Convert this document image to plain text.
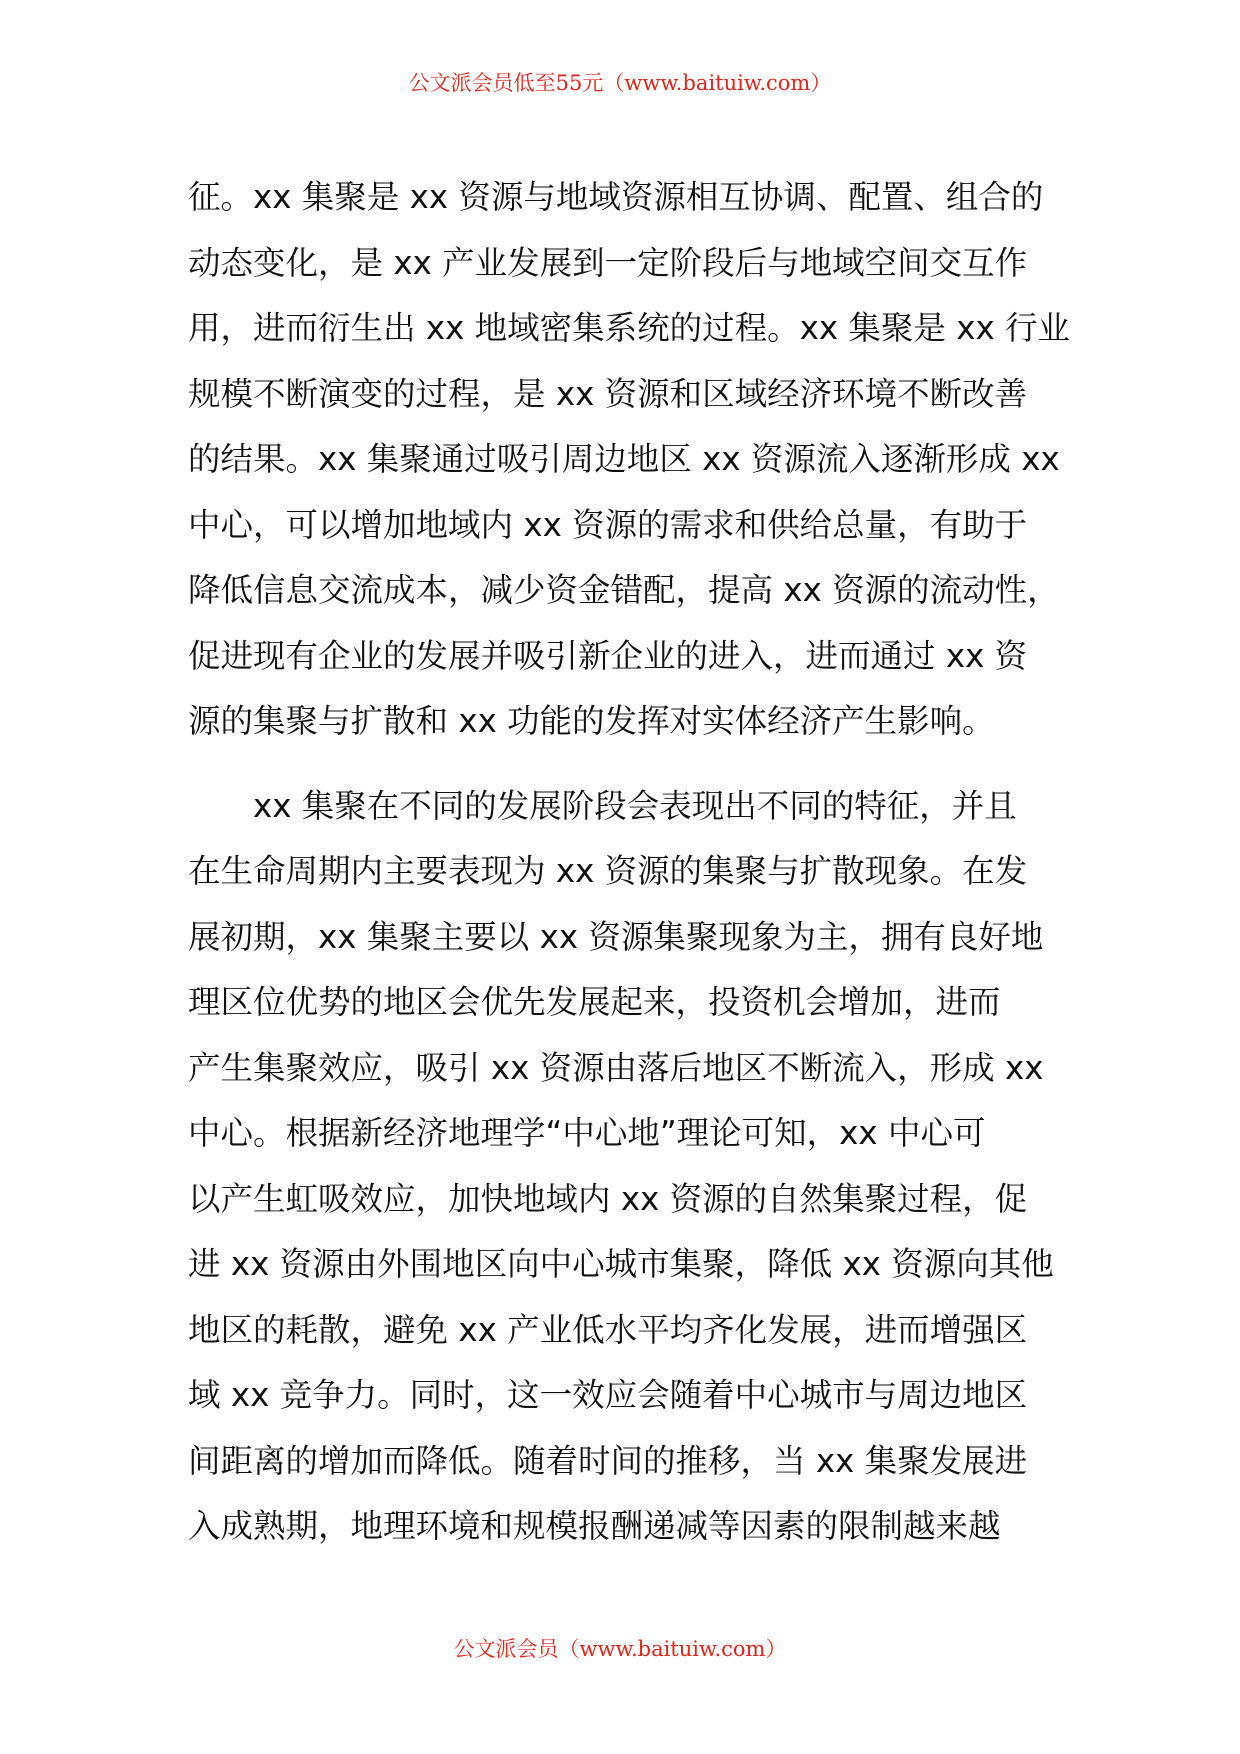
公文派会员低至55元（www.baituiw.com）
征。xx 集聚是 xx 资源与地域资源相互协调、配置、组合的
动态变化，是 xx 产业发展到一定阶段后与地域空间交互作
用，进而衍生出 xx 地域密集系统的过程。xx 集聚是 xx 行业
规模不断演变的过程，是 xx 资源和区域经济环境不断改善
的结果。xx 集聚通过吸引周边地区 xx 资源流入逐渐形成 xx
中心，可以增加地域内 xx 资源的需求和供给总量，有助于
降低信息交流成本，减少资金错配，提高 xx 资源的流动性，
促进现有企业的发展并吸引新企业的进入，进而通过 xx 资
源的集聚与扩散和 xx 功能的发挥对实体经济产生影响。
　　xx 集聚在不同的发展阶段会表现出不同的特征，并且
在生命周期内主要表现为 xx 资源的集聚与扩散现象。在发
展初期，xx 集聚主要以 xx 资源集聚现象为主，拥有良好地
理区位优势的地区会优先发展起来，投资机会增加，进而
产生集聚效应，吸引 xx 资源由落后地区不断流入，形成 xx
中心。根据新经济地理学“中心地”理论可知，xx 中心可
以产生虹吸效应，加快地域内 xx 资源的自然集聚过程，促
进 xx 资源由外围地区向中心城市集聚，降低 xx 资源向其他
地区的耗散，避免 xx 产业低水平均齐化发展，进而增强区
域 xx 竞争力。同时，这一效应会随着中心城市与周边地区
间距离的增加而降低。随着时间的推移，当 xx 集聚发展进
入成熟期，地理环境和规模报酬递减等因素的限制越来越
公文派会员（www.baituiw.com）
